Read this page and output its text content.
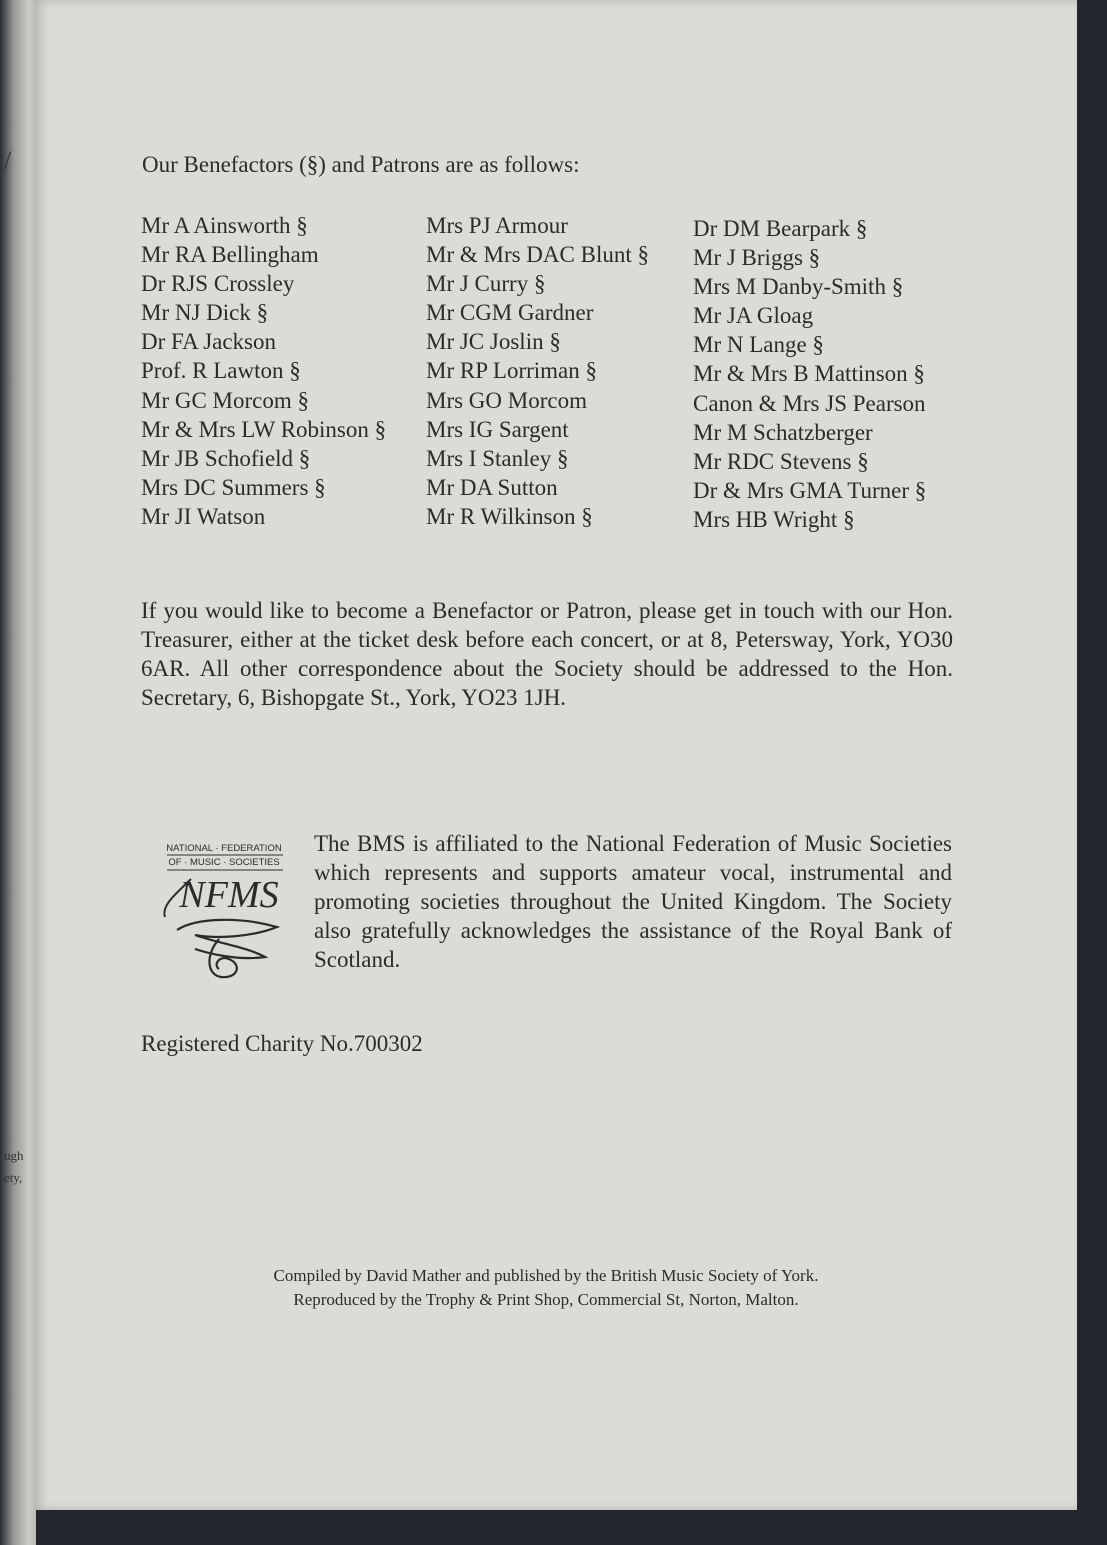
/
ugh
ety,
Our Benefactors (§) and Patrons are as follows:
Mr A Ainsworth §
Mr RA Bellingham
Dr RJS Crossley
Mr NJ Dick §
Dr FA Jackson
Prof. R Lawton §
Mr GC Morcom §
Mr & Mrs LW Robinson §
Mr JB Schofield §
Mrs DC Summers §
Mr JI Watson
Mrs PJ Armour
Mr & Mrs DAC Blunt §
Mr J Curry §
Mr CGM Gardner
Mr JC Joslin §
Mr RP Lorriman §
Mrs GO Morcom
Mrs IG Sargent
Mrs I Stanley §
Mr DA Sutton
Mr R Wilkinson §
Dr DM Bearpark §
Mr J Briggs §
Mrs M Danby-Smith §
Mr JA Gloag
Mr N Lange §
Mr & Mrs B Mattinson §
Canon & Mrs JS Pearson
Mr M Schatzberger
Mr RDC Stevens §
Dr & Mrs GMA Turner §
Mrs HB Wright §

If you would like to become a Benefactor or Patron, please get in touch with our Hon. Treasurer, either at the ticket desk before each concert, or at 8, Petersway, York, YO30 6AR. All other correspondence about the Society should be addressed to the Hon. Secretary, 6, Bishopgate St., York, YO23 1JH.

NATIONAL · FEDERATION
OF · MUSIC · SOCIETIES
NFMS

The BMS is affiliated to the National Federation of Music Societies which represents and supports amateur vocal, instrumental and promoting societies throughout the United Kingdom. The Society also gratefully acknowledges the assistance of the Royal Bank of Scotland.

Registered Charity No.700302
Compiled by David Mather and published by the British Music Society of York.
Reproduced by the Trophy & Print Shop, Commercial St, Norton, Malton.
